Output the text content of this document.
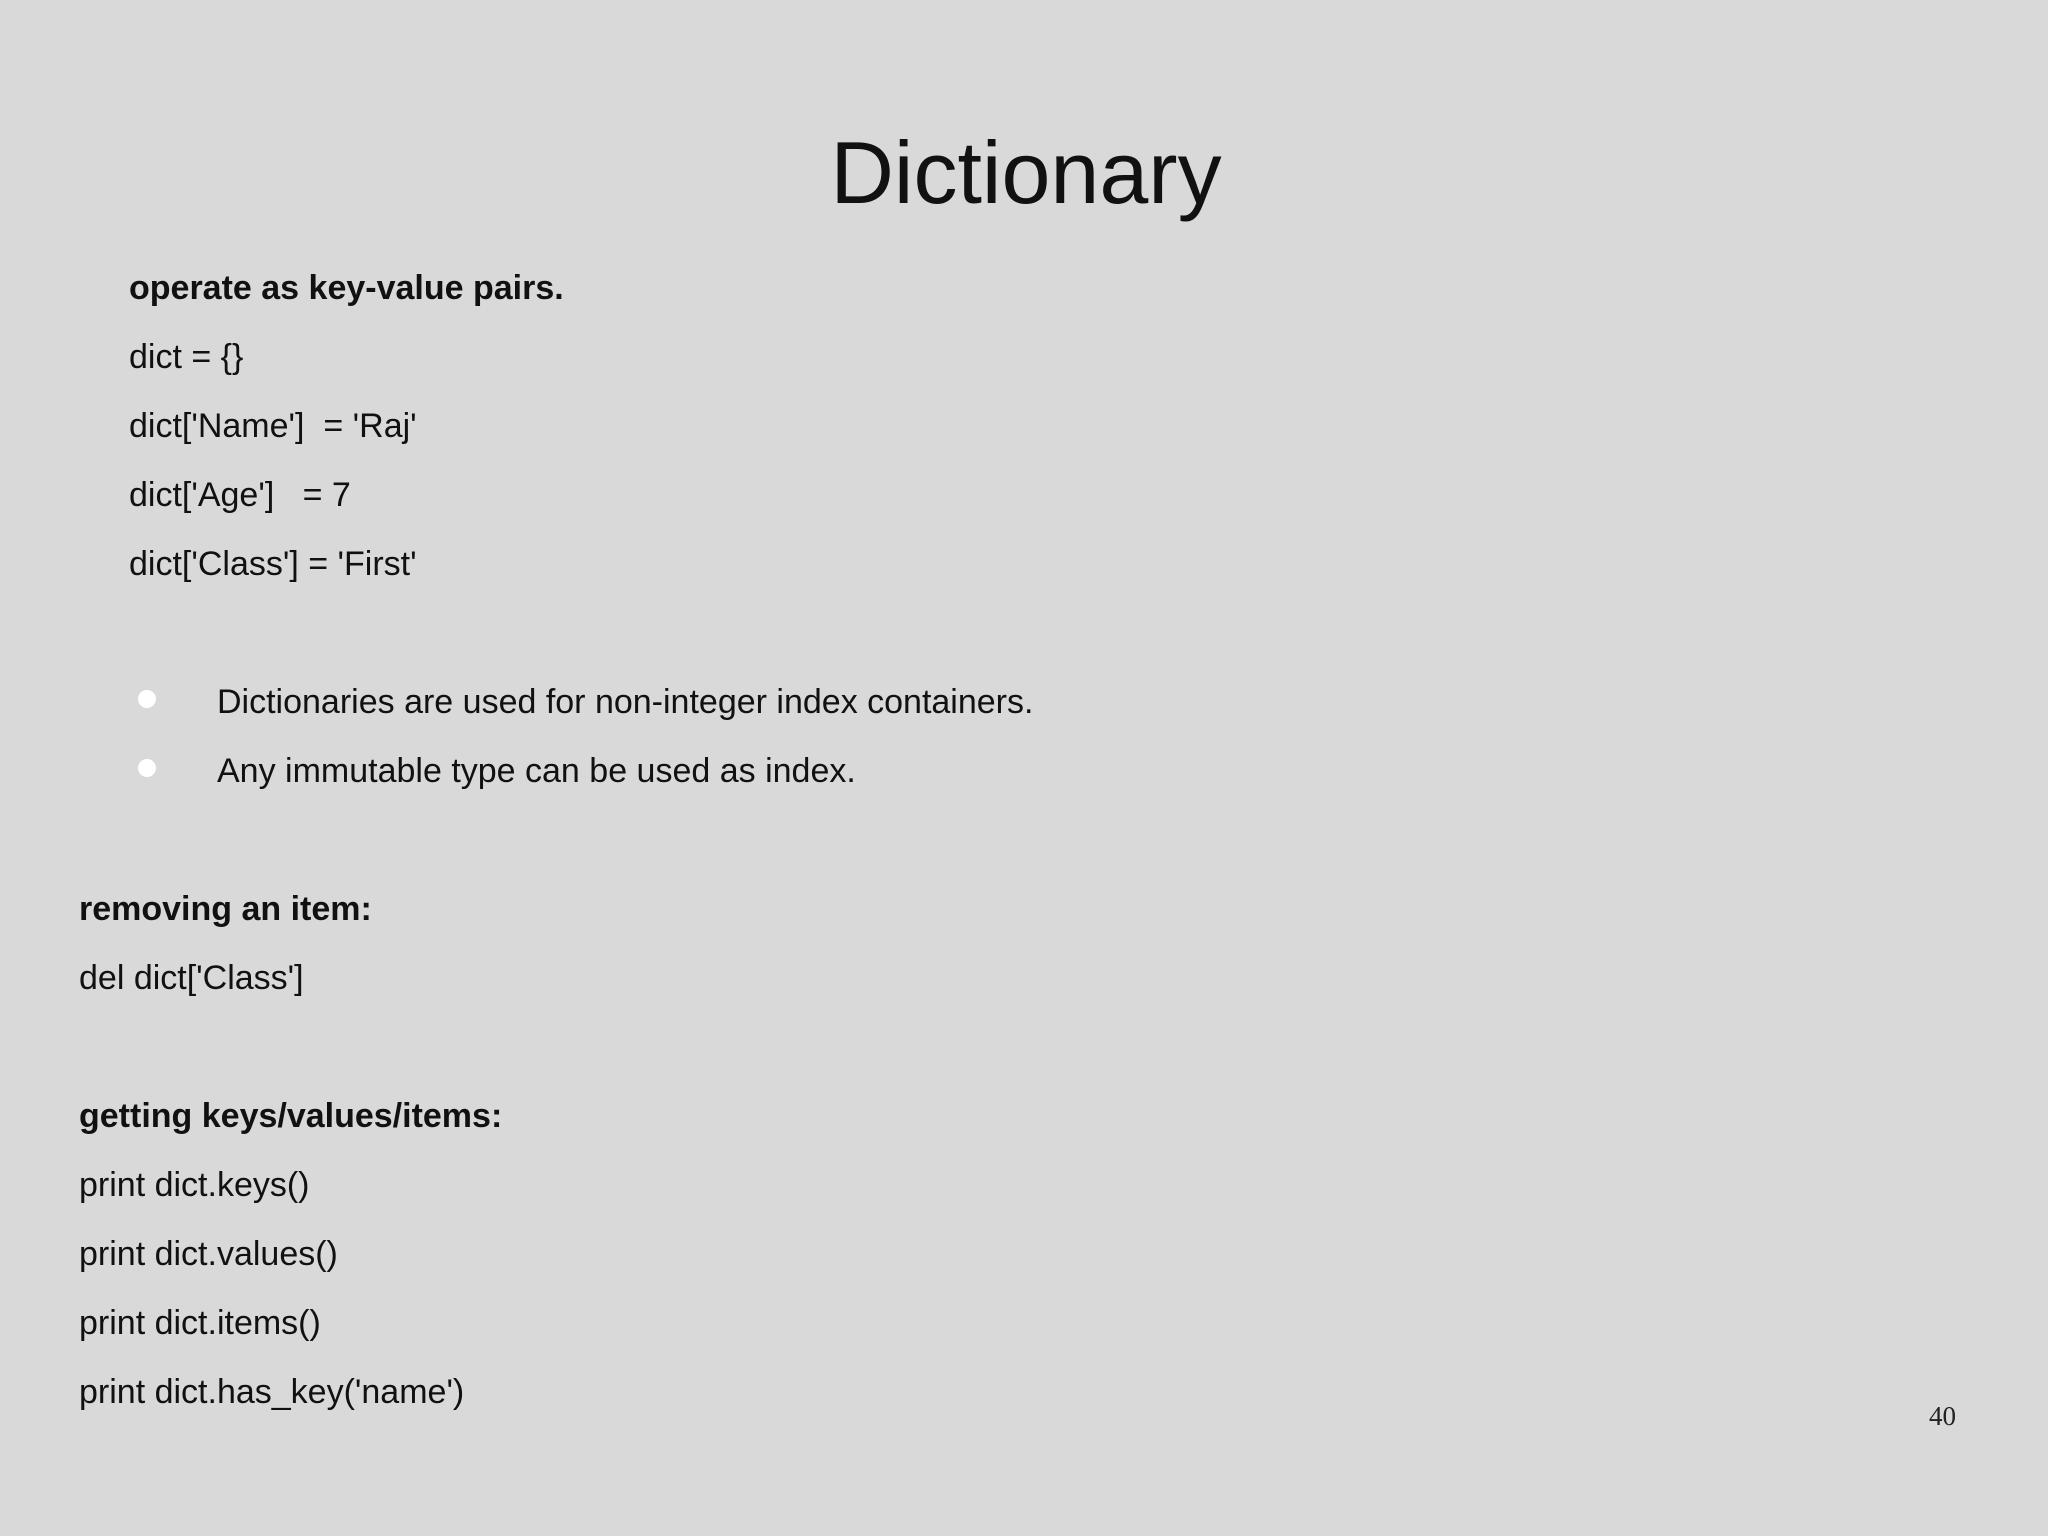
Dictionary
operate as key-value pairs.
dict = {}
dict['Name']  = 'Raj'
dict['Age']   = 7
dict['Class'] = 'First'
Dictionaries are used for non-integer index containers.
Any immutable type can be used as index.
removing an item:
del dict['Class']
getting keys/values/items:
print dict.keys()
print dict.values()
print dict.items()
print dict.has_key('name')
40
